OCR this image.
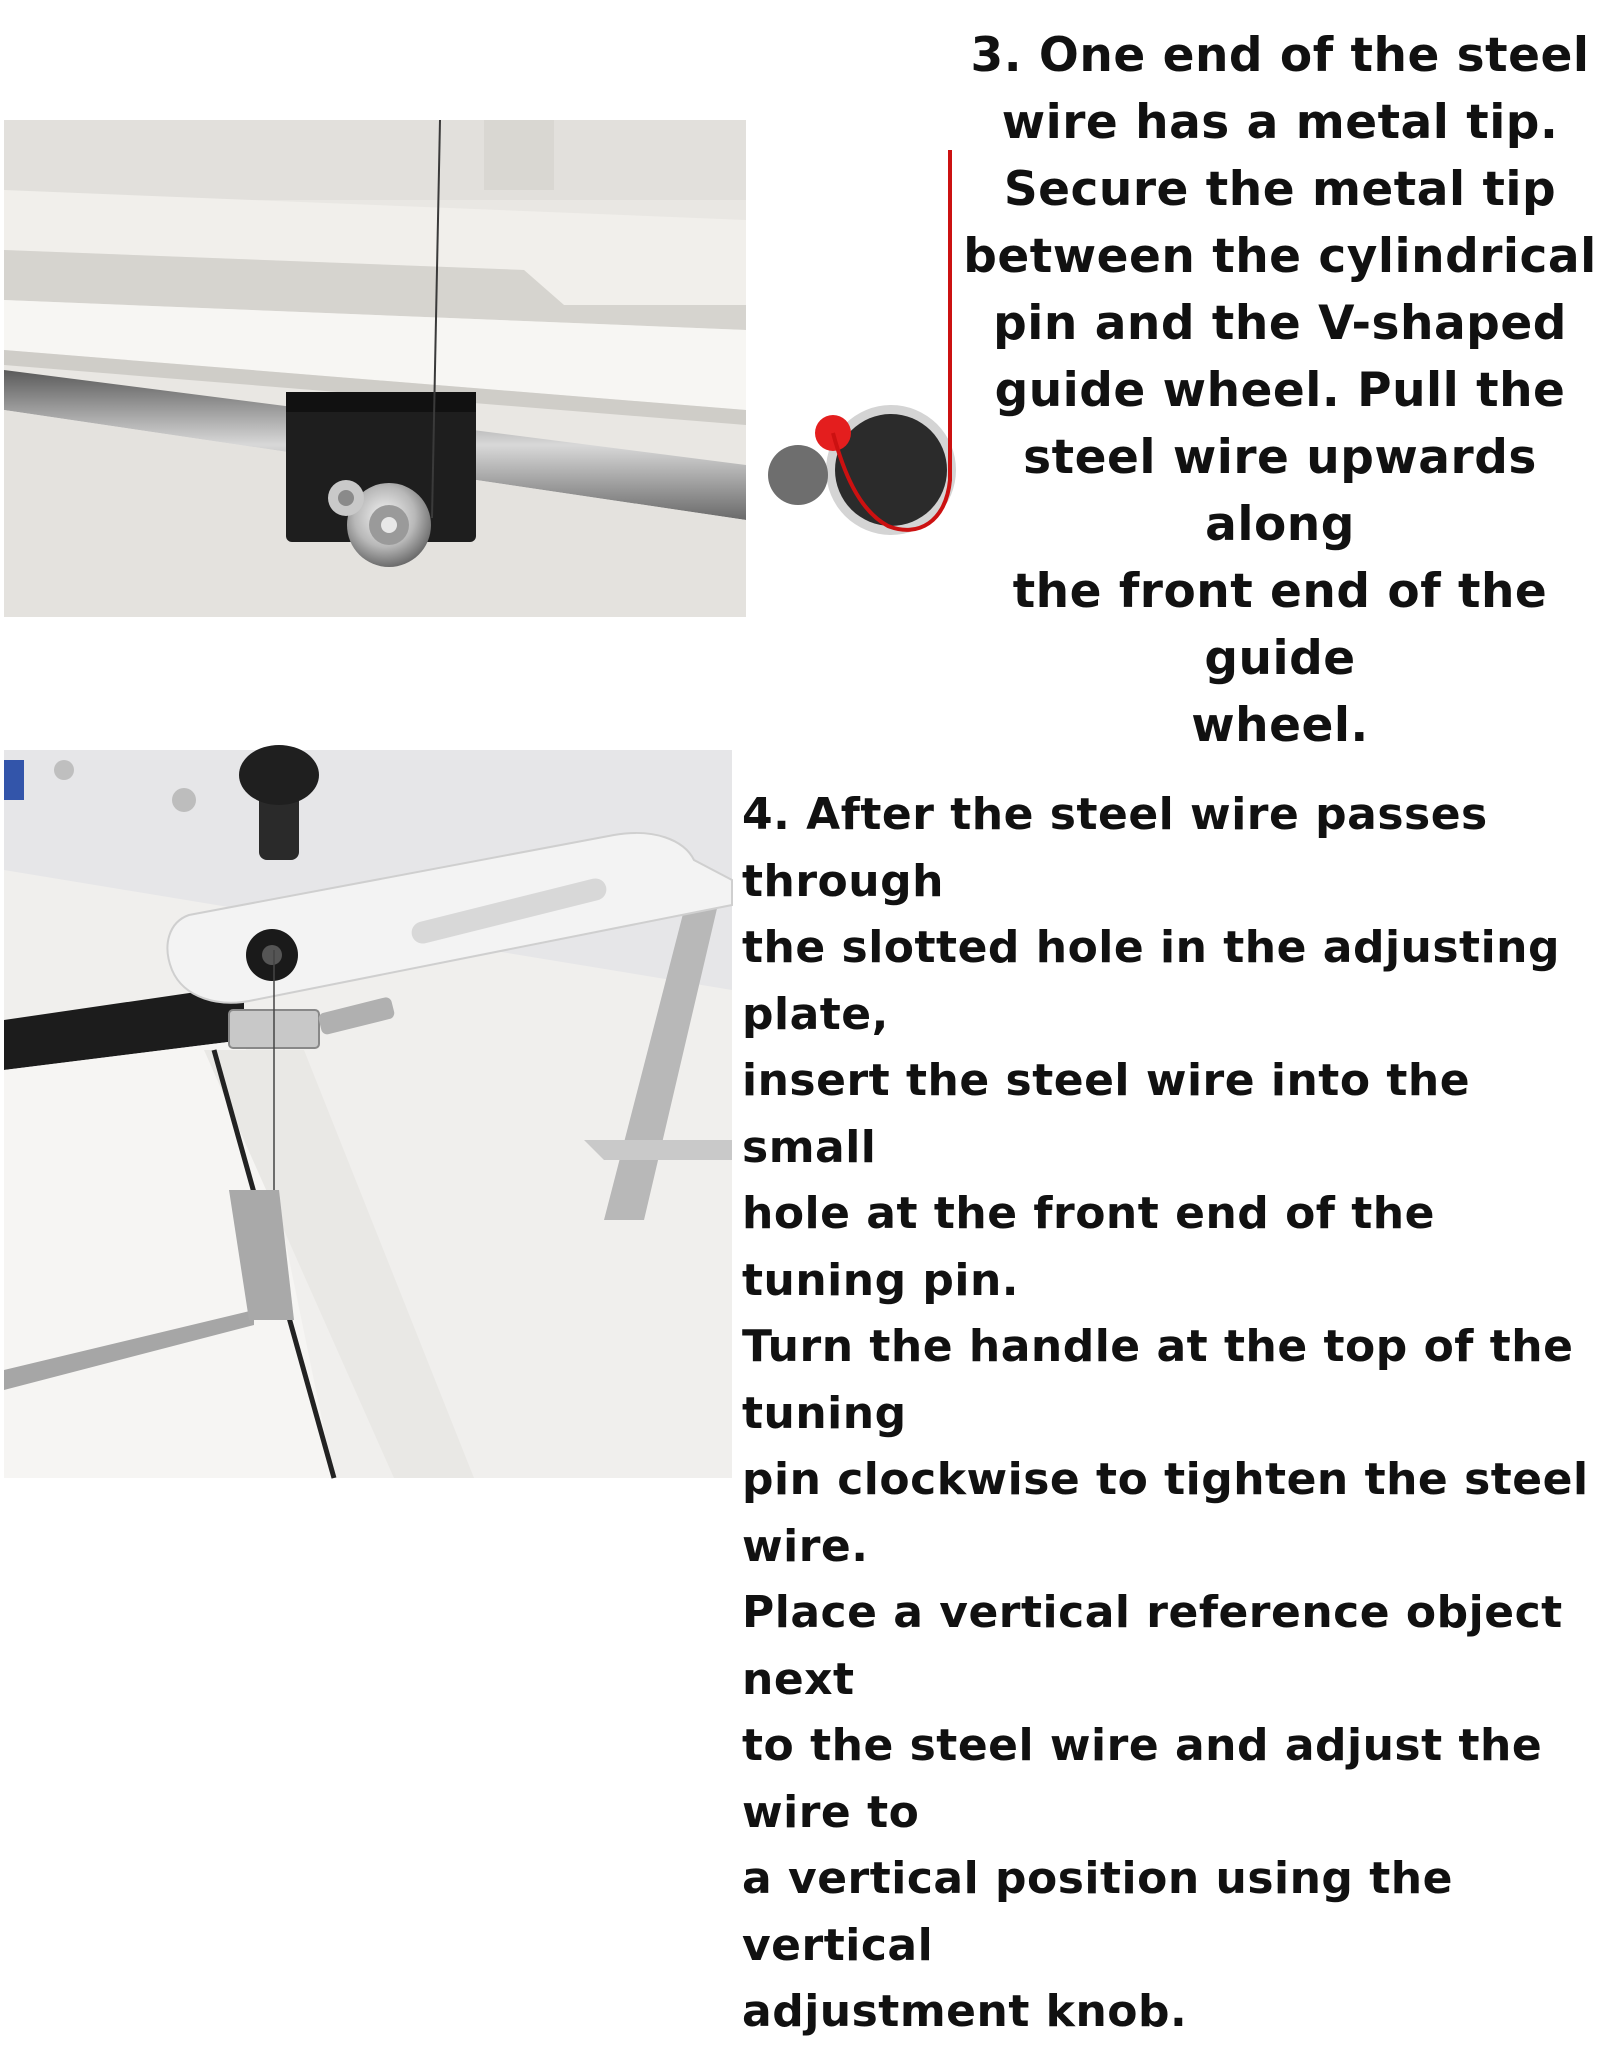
3. One end of the steel
wire has a metal tip.
Secure the metal tip
between the cylindrical
pin and the V-shaped
guide wheel. Pull the
steel wire upwards along
the front end of the guide
wheel.

4. After the steel wire passes through
the slotted hole in the adjusting plate,
insert the steel wire into the small
hole at the front end of the tuning pin.
Turn the handle at the top of the tuning
pin clockwise to tighten the steel wire.
Place a vertical reference object next
to the steel wire and adjust the wire to
a vertical position using the vertical
adjustment knob.
